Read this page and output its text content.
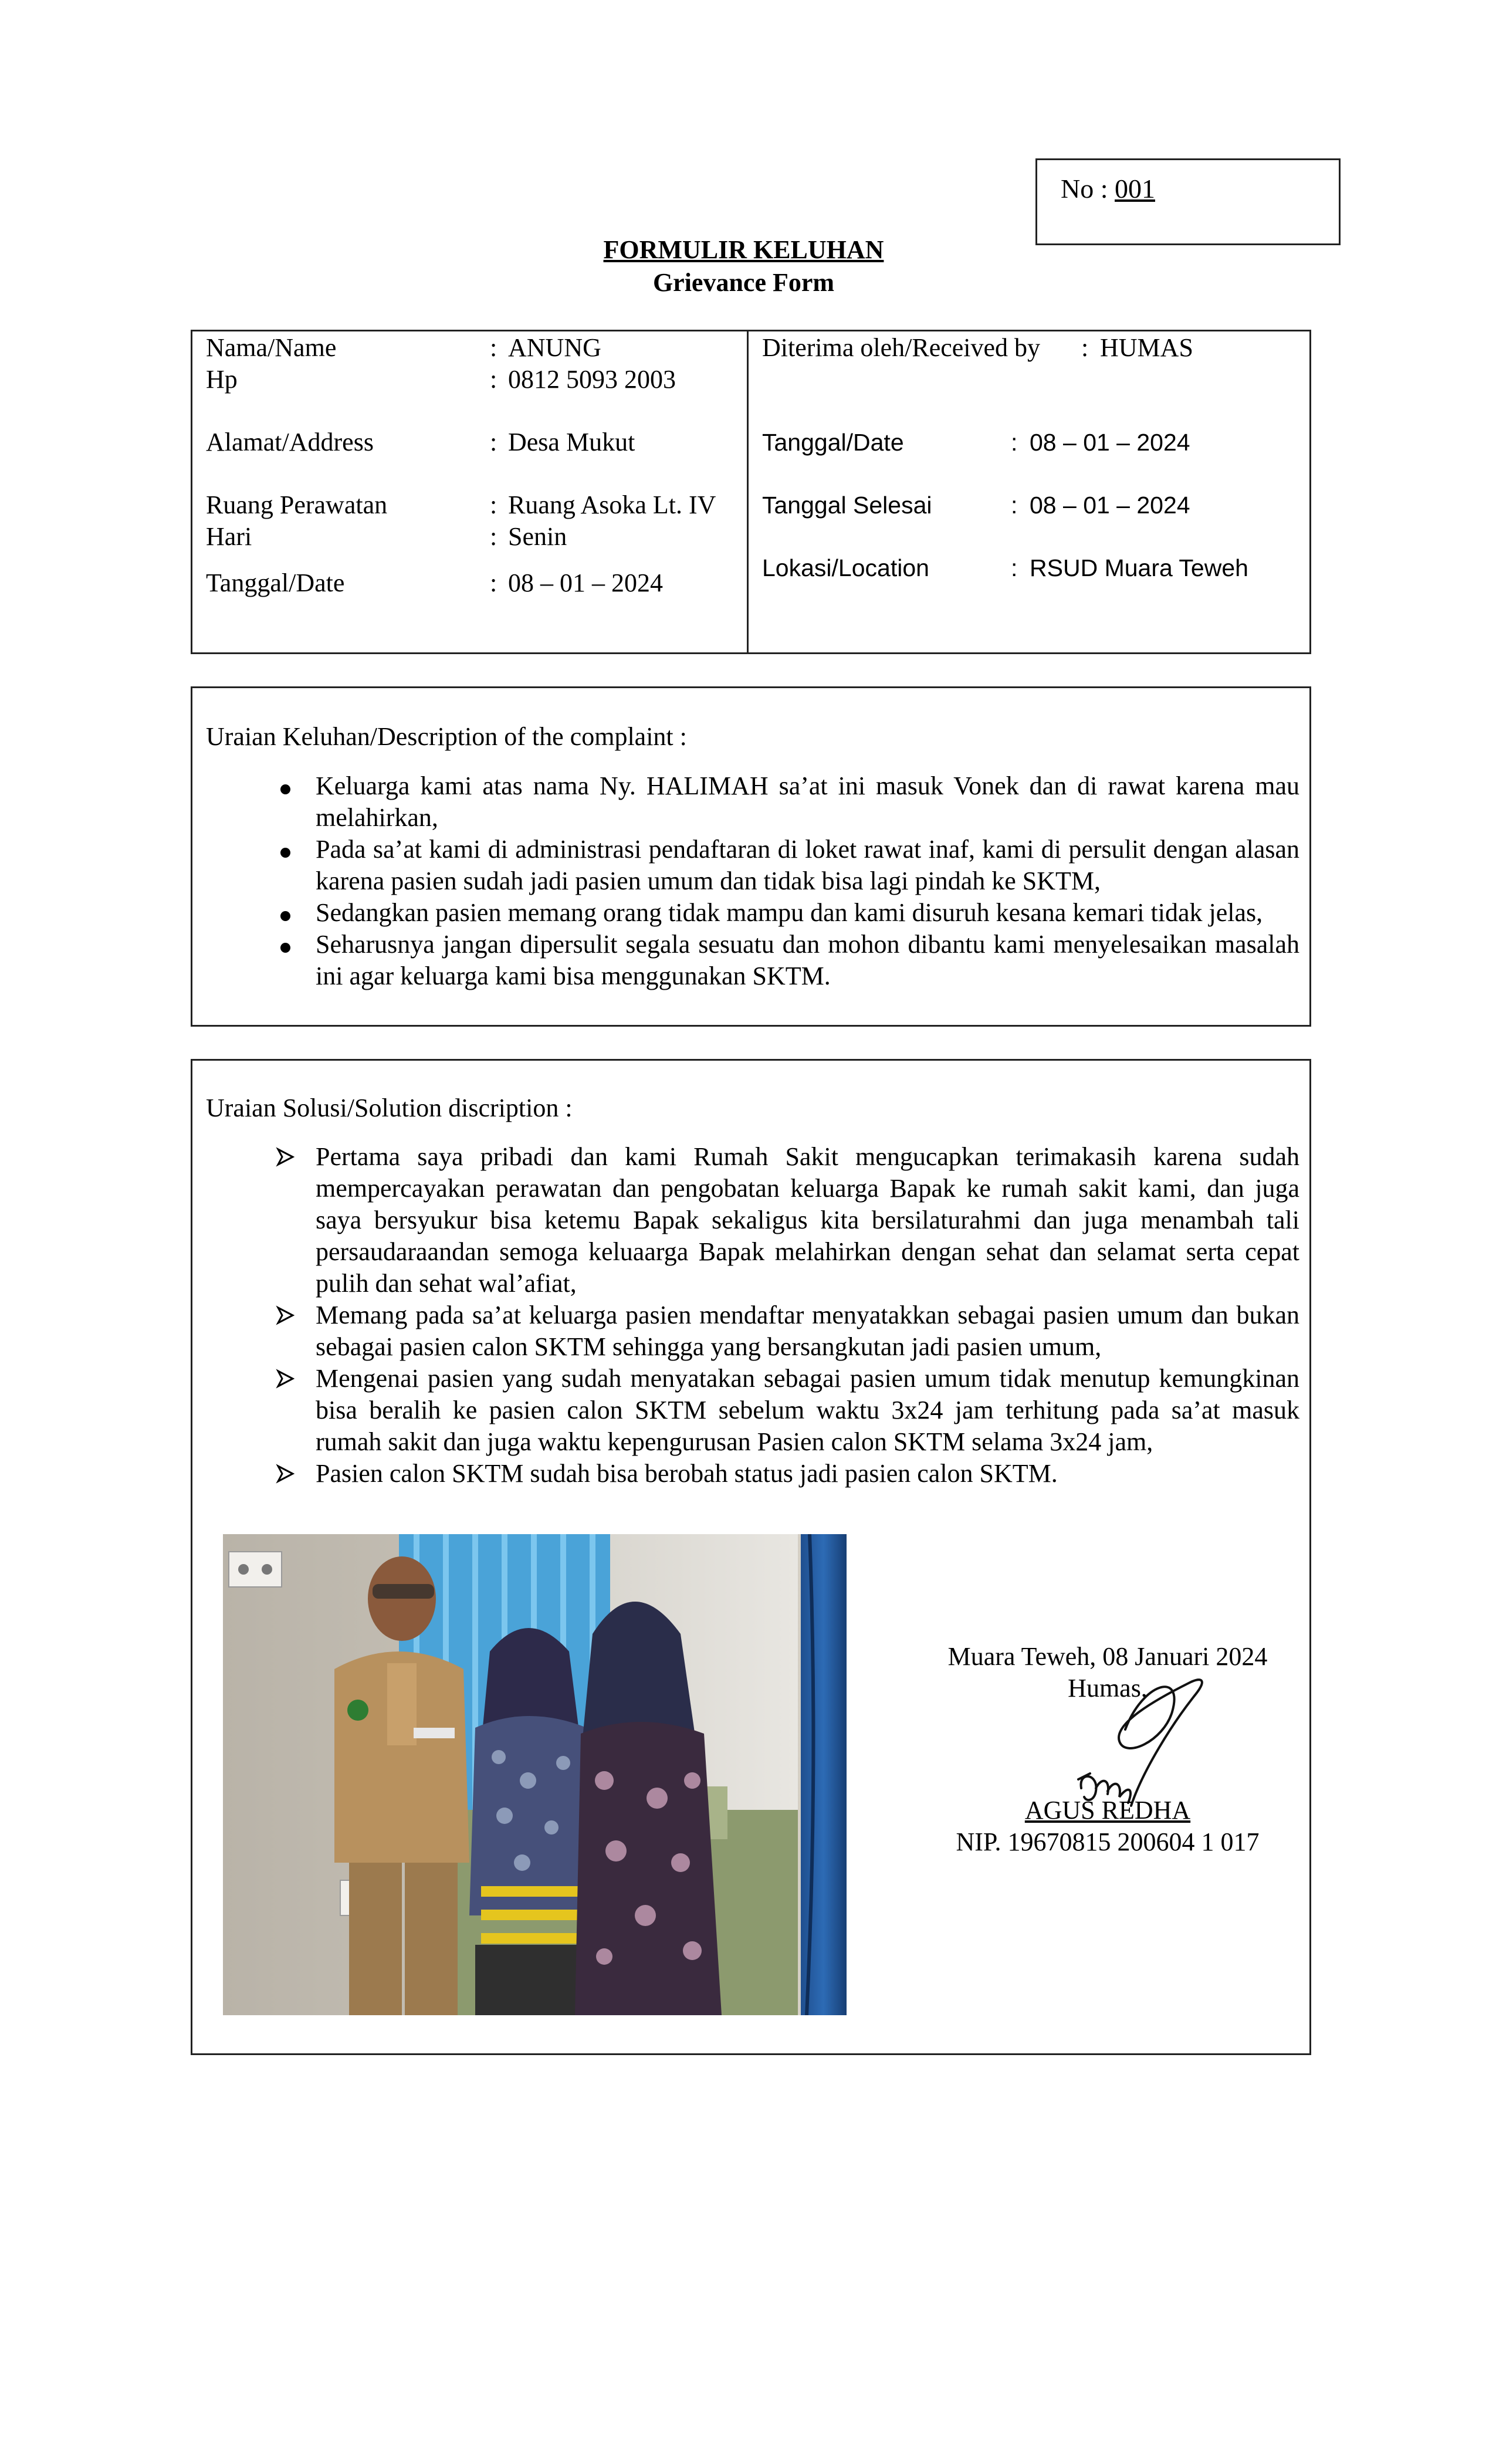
No : 001
FORMULIR KELUHAN
Grievance Form
Nama/Name	: ANUNG
Hp	: 0812 5093 2003
Alamat/Address	: Desa Mukut
Ruang Perawatan	: Ruang Asoka Lt. IV
Hari	: Senin
Tanggal/Date	: 08 – 01 – 2024
Diterima oleh/Received by : HUMAS
Tanggal/Date	: 08 – 01 – 2024
Tanggal Selesai	: 08 – 01 – 2024
Lokasi/Location	: RSUD Muara Teweh
Uraian Keluhan/Description of the complaint :
Keluarga kami atas nama Ny. HALIMAH sa’at ini masuk Vonek dan di rawat karena mau melahirkan,
Pada sa’at kami di administrasi pendaftaran di loket rawat inaf, kami di persulit dengan alasan karena pasien sudah jadi pasien umum dan tidak bisa lagi pindah ke SKTM,
Sedangkan pasien memang orang tidak mampu dan kami disuruh kesana kemari tidak jelas,
Seharusnya jangan dipersulit segala sesuatu dan mohon dibantu kami menyelesaikan masalah ini agar keluarga kami bisa menggunakan SKTM.
Uraian Solusi/Solution discription :
Pertama saya pribadi dan kami Rumah Sakit mengucapkan terimakasih karena sudah mempercayakan perawatan dan pengobatan keluarga Bapak ke rumah sakit kami, dan juga saya bersyukur bisa ketemu Bapak sekaligus kita bersilaturahmi dan juga menambah tali persaudaraandan semoga keluaarga Bapak melahirkan dengan sehat dan selamat serta cepat pulih dan sehat wal’afiat,
Memang pada sa’at keluarga pasien mendaftar menyatakkan sebagai pasien umum dan bukan sebagai pasien calon SKTM sehingga yang bersangkutan jadi pasien umum,
Mengenai pasien yang sudah menyatakan sebagai pasien umum tidak menutup kemungkinan bisa beralih ke pasien calon SKTM sebelum waktu 3x24 jam terhitung pada sa’at masuk rumah sakit dan juga waktu kepengurusan Pasien calon SKTM selama 3x24 jam,
Pasien calon SKTM sudah bisa berobah status jadi pasien calon SKTM.
Muara Teweh, 08 Januari 2024
Humas,
AGUS REDHA
NIP. 19670815 200604 1 017
